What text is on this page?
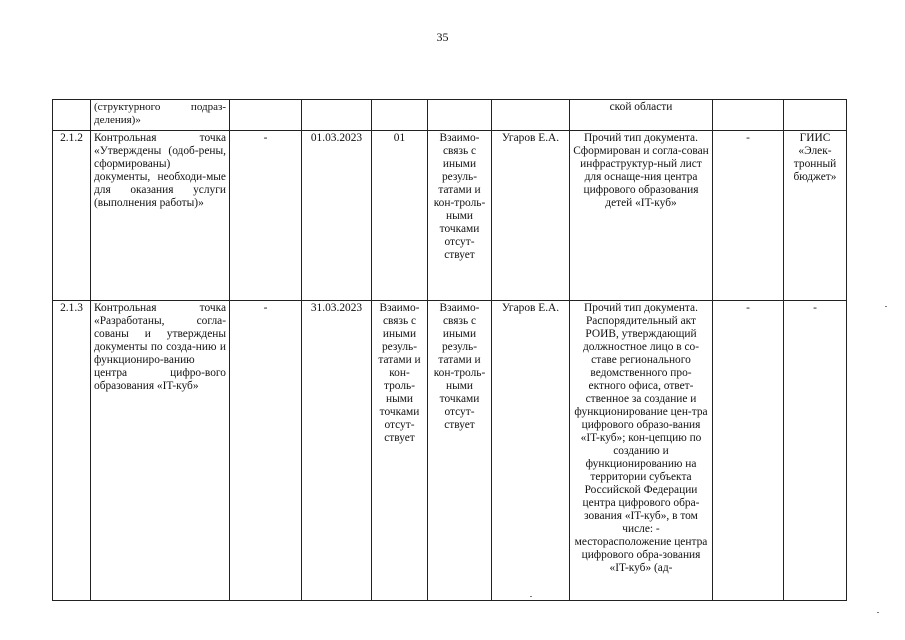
35
	(структурного подраз-деления)»						ской области		
2.1.2	Контрольная точка «Утверждены (одоб-рены, сформированы) документы, необходи-мые для оказания услуги (выполнения работы)»	-	01.03.2023	01	Взаимо-связь с иными резуль-татами и кон-троль-ными точками отсут-ствует	Угаров Е.А.	Прочий тип документа. Сформирован и согла-сован инфраструктур-ный лист для оснаще-ния центра цифрового образования детей «IT-куб»	-	ГИИС «Элек-тронный бюджет»
2.1.3	Контрольная точка «Разработаны, согла-сованы и утверждены документы по созда-нию и функциониро-ванию центра цифро-вого образования «IT-куб»	-	31.03.2023	Взаимо-связь с иными резуль-татами и кон-троль-ными точками отсут-ствует	Взаимо-связь с иными резуль-татами и кон-троль-ными точками отсут-ствует	Угаров Е.А.	Прочий тип документа. Распорядительный акт РОИВ, утверждающий должностное лицо в со-ставе регионального ведомственного про-ектного офиса, ответ-ственное за создание и функционирование цен-тра цифрового образо-вания «IT-куб»; кон-цепцию по созданию и функционированию на территории субъекта Российской Федерации центра цифрового обра-зования «IT-куб», в том числе: - месторасположение центра цифрового обра-зования «IT-куб» (ад-	-	-
